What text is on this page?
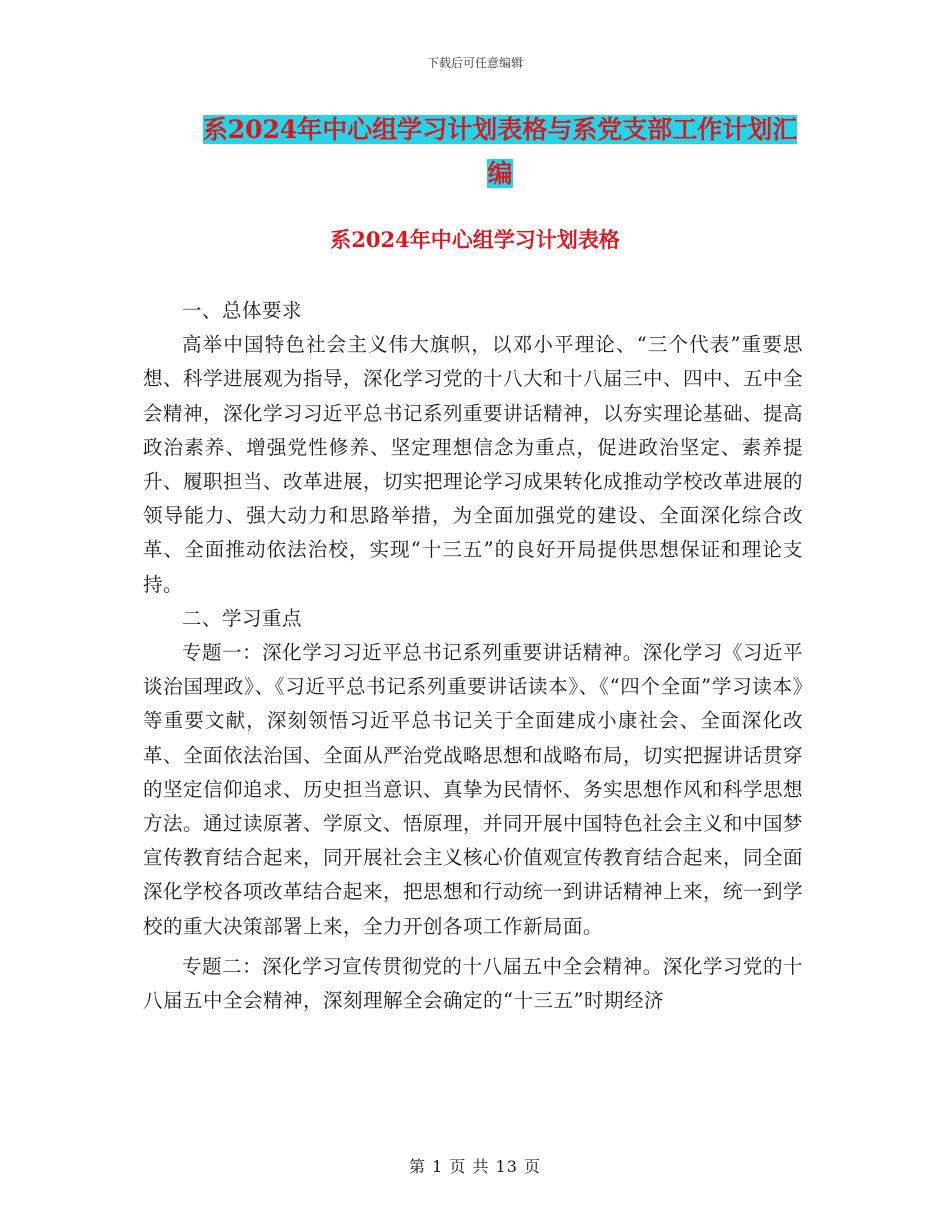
下载后可任意编辑
系2024年中心组学习计划表格与系党支部工作计划汇
编
系2024年中心组学习计划表格

一、总体要求

高举中国特色社会主义伟大旗帜，以邓小平理论、“三个代表”重要思想、科学进展观为指导，深化学习党的十八大和十八届三中、四中、五中全会精神，深化学习习近平总书记系列重要讲话精神，以夯实理论基础、提高政治素养、增强党性修养、坚定理想信念为重点，促进政治坚定、素养提升、履职担当、改革进展，切实把理论学习成果转化成推动学校改革进展的领导能力、强大动力和思路举措，为全面加强党的建设、全面深化综合改革、全面推动依法治校，实现“十三五”的良好开局提供思想保证和理论支持。

二、学习重点

专题一：深化学习习近平总书记系列重要讲话精神。深化学习《习近平谈治国理政》、《习近平总书记系列重要讲话读本》、《“四个全面”学习读本》等重要文献，深刻领悟习近平总书记关于全面建成小康社会、全面深化改革、全面依法治国、全面从严治党战略思想和战略布局，切实把握讲话贯穿的坚定信仰追求、历史担当意识、真挚为民情怀、务实思想作风和科学思想方法。通过读原著、学原文、悟原理，并同开展中国特色社会主义和中国梦宣传教育结合起来，同开展社会主义核心价值观宣传教育结合起来，同全面深化学校各项改革结合起来，把思想和行动统一到讲话精神上来，统一到学校的重大决策部署上来，全力开创各项工作新局面。

专题二：深化学习宣传贯彻党的十八届五中全会精神。深化学习党的十八届五中全会精神，深刻理解全会确定的“十三五”时期经济

第 1 页 共 13 页
